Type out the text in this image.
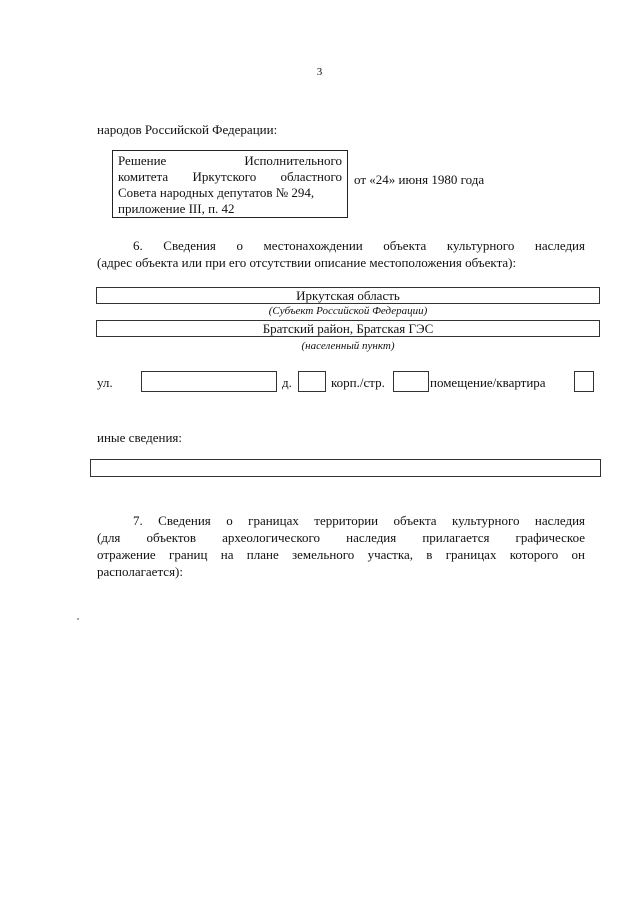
3
народов Российской Федерации:
Решение	Исполнительного
комитета Иркутского областного
Совета народных депутатов № 294,
приложение III, п. 42
от «24» июня 1980 года
6. Сведения о местонахождении объекта культурного наследия
(адрес объекта или при его отсутствии описание местоположения объекта):
Иркутская область
(Субъект Российской Федерации)
Братский район, Братская ГЭС
(населенный пункт)
ул.	д.	корп./стр.	помещение/квартира
иные сведения:
7. Сведения о границах территории объекта культурного наследия
(для объектов археологического наследия прилагается графическое
отражение границ на плане земельного участка, в границах которого он
располагается):
